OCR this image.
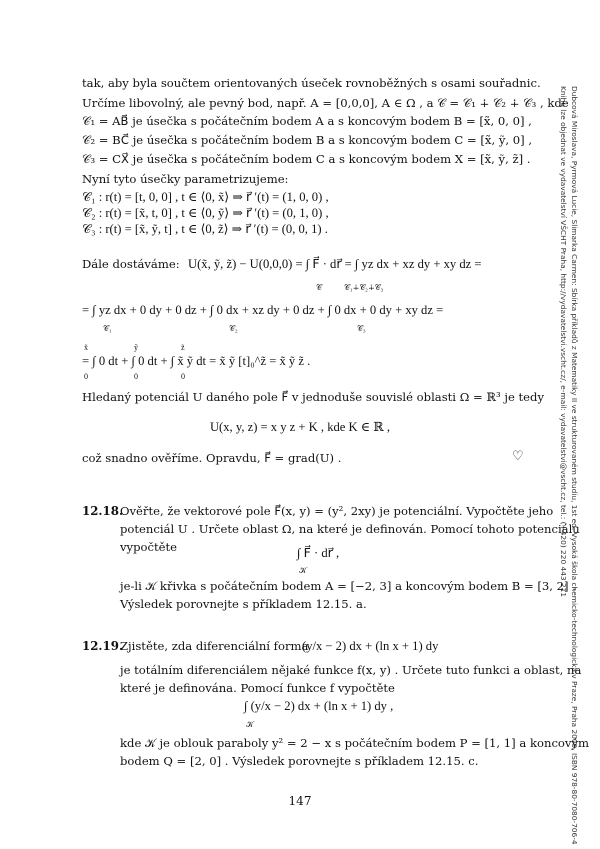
Dubcová Miroslava, Pyrmová Lucie, Slimarka Carmen: Sbírka příkladů z Matematiky II ve strukturovaném studiu, 1st ed. Vysoká škola chemicko-technologická v Praze, Praha 2009, ISBN 978-80-7080-706-4
Knihu lze objednat ve vydavatelství VŠCHT Praha, http://vydavatelstvi.vscht.cz/, e-mail: vydavatelstvi@vscht.cz, tel.: (+420) 220 443 211
tak, aby byla součtem orientovaných úseček rovnoběžných s osami souřadnic.
Určíme libovolný, ale pevný bod, např. A = [0,0,0], A ∈ Ω , a 𝒞 = 𝒞₁ ∔ 𝒞₂ ∔ 𝒞₃ , kde
𝒞₁ = AB⃗ je úsečka s počátečním bodem A a s koncovým bodem B = [x̃, 0, 0] ,
𝒞₂ = BC⃗ je úsečka s počátečním bodem B a s koncovým bodem C = [x̃, ỹ, 0] ,
𝒞₃ = CX⃗ je úsečka s počátečním bodem C a s koncovým bodem X = [x̃, ỹ, z̃] .
Nyní tyto úsečky parametrizujeme:
𝒞₁ : r(t) = [t, 0, 0] , t ∈ ⟨0, x̃⟩ ⇒ r⃗ ′(t) = (1, 0, 0) ,
𝒞₂ : r(t) = [x̃, t, 0] , t ∈ ⟨0, ỹ⟩ ⇒ r⃗ ′(t) = (0, 1, 0) ,
𝒞₃ : r(t) = [x̃, ỹ, t] , t ∈ ⟨0, z̃⟩ ⇒ r⃗ ′(t) = (0, 0, 1) .
Dále dostáváme: U(x̃, ỹ, z̃) − U(0,0,0) = ∫ F⃗ · dr⃗ = ∫ yz dx + xz dy + xy dz =
𝒞	𝒞₁∔𝒞₂∔𝒞₃
= ∫ yz dx + 0 dy + 0 dz + ∫ 0 dx + xz dy + 0 dz + ∫ 0 dx + 0 dy + xy dz =
𝒞₁	𝒞₂	𝒞₃
x̃	ỹ	z̃
= ∫ 0 dt + ∫ 0 dt + ∫ x̃ ỹ dt = x̃ ỹ [t]₀^z̃ = x̃ ỹ z̃ .
0	0	0
Hledaný potenciál U daného pole F⃗ v jednoduše souvislé oblasti Ω = ℝ³ je tedy
U(x, y, z) = x y z + K , kde K ∈ ℝ ,
což snadno ověříme. Opravdu, F⃗ = grad(U) .	♡
12.18.
Ověřte, že vektorové pole F⃗(x, y) = (y², 2xy) je potenciální. Vypočtěte jeho
potenciál U . Určete oblast Ω, na které je definován. Pomocí tohoto potenciálu
vypočtěte	∫ F⃗ · dr⃗ ,
𝒦
je-li 𝒦 křivka s počátečním bodem A = [−2, 3] a koncovým bodem B = [3, 2] .
Výsledek porovnejte s příkladem 12.15. a.
12.19.
Zjistěte, zda diferenciální forma
(y/x − 2) dx + (ln x + 1) dy
je totálním diferenciálem nějaké funkce f(x, y) . Určete tuto funkci a oblast, na
které je definována. Pomocí funkce f vypočtěte
∫ (y/x − 2) dx + (ln x + 1) dy ,
𝒦
kde 𝒦 je oblouk paraboly y² = 2 − x s počátečním bodem P = [1, 1] a koncovým
bodem Q = [2, 0] . Výsledek porovnejte s příkladem 12.15. c.
147
